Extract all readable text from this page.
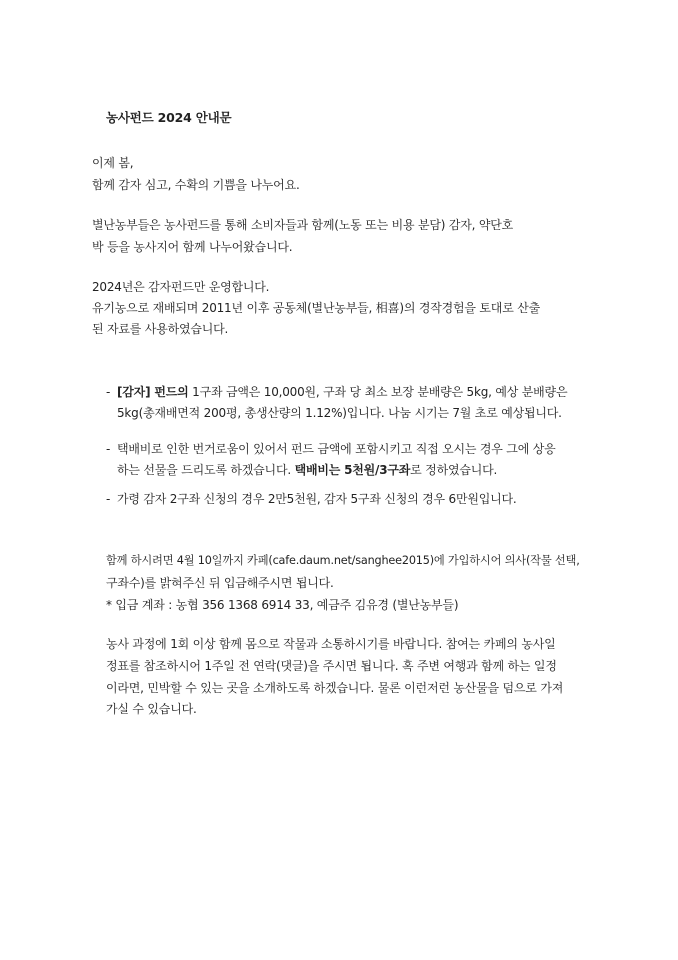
농사펀드 2024 안내문
이제 봄,
함께 감자 심고, 수확의 기쁨을 나누어요.
별난농부들은 농사펀드를 통해 소비자들과 함께(노동 또는 비용 분담) 감자, 약단호
박 등을 농사지어 함께 나누어왔습니다.
2024년은 감자펀드만 운영합니다.
유기농으로 재배되며 2011년 이후 공동체(별난농부들, 相喜)의 경작경험을 토대로 산출
된 자료를 사용하였습니다.
- [감자] 펀드의 1구좌 금액은 10,000원, 구좌 당 최소 보장 분배량은 5kg, 예상 분배량은
5kg(총재배면적 200평, 총생산량의 1.12%)입니다. 나눔 시기는 7월 초로 예상됩니다.
- 택배비로 인한 번거로움이 있어서 펀드 금액에 포함시키고 직접 오시는 경우 그에 상응
하는 선물을 드리도록 하겠습니다. 택배비는 5천원/3구좌로 정하였습니다.
- 가령 감자 2구좌 신청의 경우 2만5천원, 감자 5구좌 신청의 경우 6만원입니다.
함께 하시려면 4월 10일까지 카페(cafe.daum.net/sanghee2015)에 가입하시어 의사(작물 선택,
구좌수)를 밝혀주신 뒤 입금해주시면 됩니다.
* 입금 계좌 : 농협 356 1368 6914 33, 예금주 김유경 (별난농부들)
농사 과정에 1회 이상 함께 몸으로 작물과 소통하시기를 바랍니다. 참여는 카페의 농사일
정표를 참조하시어 1주일 전 연락(댓글)을 주시면 됩니다. 혹 주변 여행과 함께 하는 일정
이라면, 민박할 수 있는 곳을 소개하도록 하겠습니다. 물론 이런저런 농산물을 덤으로 가져
가실 수 있습니다.
